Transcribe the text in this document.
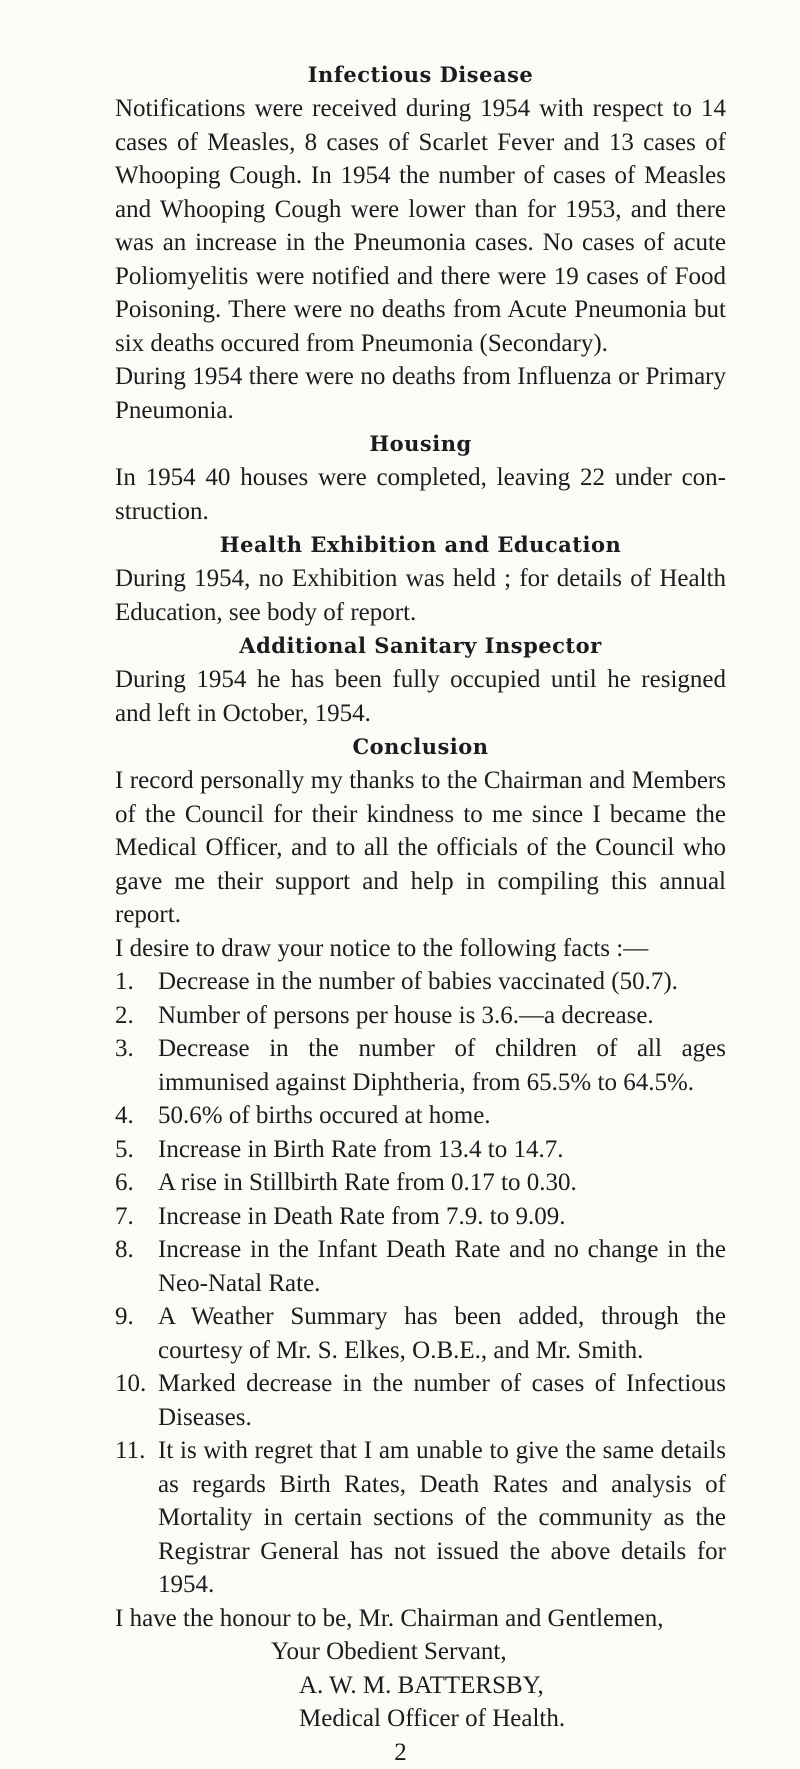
Infectious Disease

Notifications were received during 1954 with respect to 14 cases of Measles, 8 cases of Scarlet Fever and 13 cases of Whooping Cough. In 1954 the number of cases of Measles and Whooping Cough were lower than for 1953, and there was an increase in the Pneumonia cases. No cases of acute Poliomyelitis were notified and there were 19 cases of Food Poisoning. There were no deaths from Acute Pneumonia but six deaths occured from Pneumonia (Secondary).

During 1954 there were no deaths from Influenza or Primary Pneumonia.

Housing

In 1954 40 houses were completed, leaving 22 under con- struction.

Health Exhibition and Education

During 1954, no Exhibition was held ; for details of Health Education, see body of report.

Additional Sanitary Inspector

During 1954 he has been fully occupied until he resigned and left in October, 1954.

Conclusion

I record personally my thanks to the Chairman and Members of the Council for their kindness to me since I became the Medical Officer, and to all the officials of the Council who gave me their support and help in compiling this annual report.

I desire to draw your notice to the following facts :—

1. Decrease in the number of babies vaccinated (50.7).
2. Number of persons per house is 3.6.—a decrease.
3. Decrease in the number of children of all ages immunised against Diphtheria, from 65.5% to 64.5%.
4. 50.6% of births occured at home.
5. Increase in Birth Rate from 13.4 to 14.7.
6. A rise in Stillbirth Rate from 0.17 to 0.30.
7. Increase in Death Rate from 7.9. to 9.09.
8. Increase in the Infant Death Rate and no change in the Neo-Natal Rate.
9. A Weather Summary has been added, through the courtesy of Mr. S. Elkes, O.B.E., and Mr. Smith.
10. Marked decrease in the number of cases of Infectious Diseases.
11. It is with regret that I am unable to give the same details as regards Birth Rates, Death Rates and analysis of Mortality in certain sections of the community as the Registrar General has not issued the above details for 1954.

I have the honour to be, Mr. Chairman and Gentlemen,

Your Obedient Servant,

A. W. M. BATTERSBY,

Medical Officer of Health.

2
